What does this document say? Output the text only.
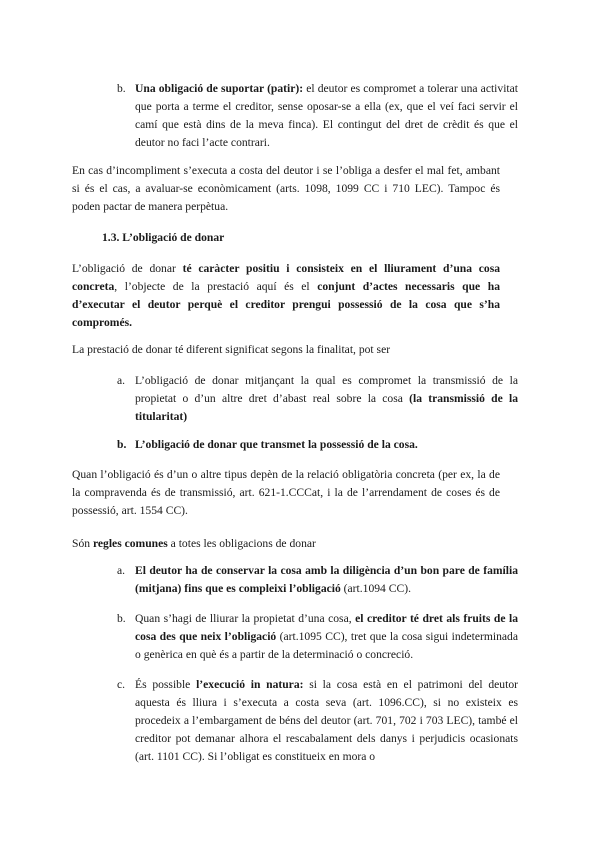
b. Una obligació de suportar (patir): el deutor es compromet a tolerar una activitat que porta a terme el creditor, sense oposar-se a ella (ex, que el veí faci servir el camí que està dins de la meva finca). El contingut del dret de crèdit és que el deutor no faci l’acte contrari.

En cas d’incompliment s’executa a costa del deutor i se l’obliga a desfer el mal fet, ambant si és el cas, a avaluar-se econòmicament (arts. 1098, 1099 CC i 710 LEC). Tampoc és poden pactar de manera perpètua.

1.3. L’obligació de donar

L’obligació de donar té caràcter positiu i consisteix en el lliurament d’una cosa concreta, l’objecte de la prestació aquí és el conjunt d’actes necessaris que ha d’executar el deutor perquè el creditor prengui possessió de la cosa que s’ha compromés.

La prestació de donar té diferent significat segons la finalitat, pot ser

a. L’obligació de donar mitjançant la qual es compromet la transmissió de la propietat o d’un altre dret d’abast real sobre la cosa (la transmissió de la titularitat)
b. L’obligació de donar que transmet la possessió de la cosa.

Quan l’obligació és d’un o altre tipus depèn de la relació obligatòria concreta (per ex, la de la compravenda és de transmissió, art. 621-1.CCCat, i la de l’arrendament de coses és de possessió, art. 1554 CC).

Són regles comunes a totes les obligacions de donar

a. El deutor ha de conservar la cosa amb la diligència d’un bon pare de família (mitjana) fins que es compleixi l’obligació (art.1094 CC).
b. Quan s’hagi de lliurar la propietat d’una cosa, el creditor té dret als fruits de la cosa des que neix l’obligació (art.1095 CC), tret que la cosa sigui indeterminada o genèrica en què és a partir de la determinació o concreció.
c. És possible l’execució in natura: si la cosa està en el patrimoni del deutor aquesta és lliura i s’executa a costa seva (art. 1096.CC), si no existeix es procedeix a l’embargament de béns del deutor (art. 701, 702 i 703 LEC), també el creditor pot demanar alhora el rescabalament dels danys i perjudicis ocasionats (art. 1101 CC). Si l’obligat es constitueix en mora o
